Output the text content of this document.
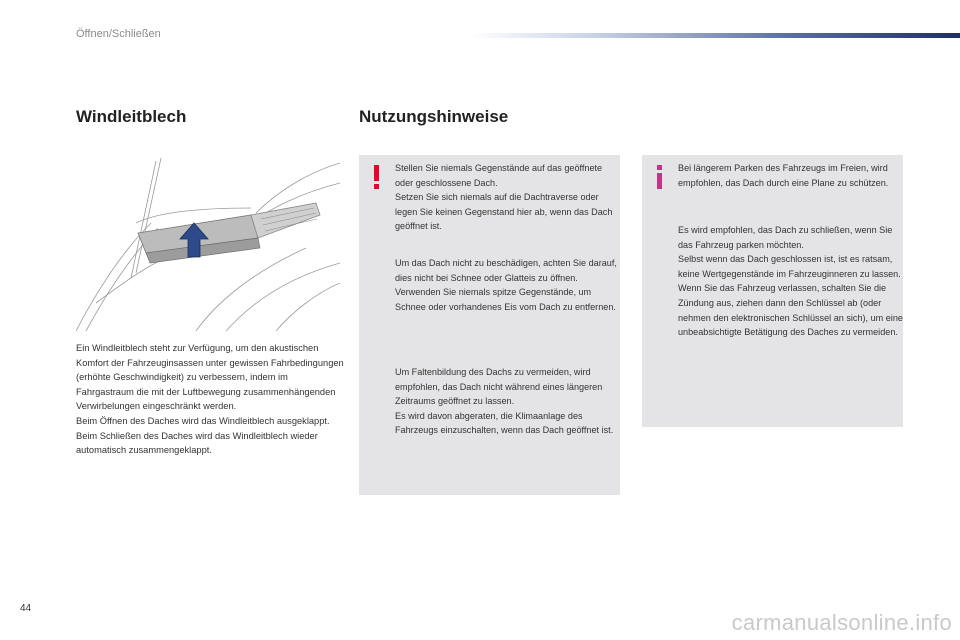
Öffnen/Schließen
Windleitblech	Nutzungshinweise
Ein Windleitblech steht zur Verfügung, um den akustischen Komfort der Fahrzeuginsassen unter gewissen Fahrbedingungen (erhöhte Geschwindigkeit) zu verbessern, indem im Fahrgastraum die mit der Luftbewegung zusammenhängenden Verwirbelungen eingeschränkt werden.
Beim Öffnen des Daches wird das Windleitblech ausgeklappt.
Beim Schließen des Daches wird das Windleitblech wieder automatisch zusammengeklappt.
Stellen Sie niemals Gegenstände auf das geöffnete oder geschlossene Dach.
Setzen Sie sich niemals auf die Dachtraverse oder legen Sie keinen Gegenstand hier ab, wenn das Dach geöffnet ist.
Um das Dach nicht zu beschädigen, achten Sie darauf, dies nicht bei Schnee oder Glatteis zu öffnen.
Verwenden Sie niemals spitze Gegenstände, um Schnee oder vorhandenes Eis vom Dach zu entfernen.
Um Faltenbildung des Dachs zu vermeiden, wird empfohlen, das Dach nicht während eines längeren Zeitraums geöffnet zu lassen.
Es wird davon abgeraten, die Klimaanlage des Fahrzeugs einzuschalten, wenn das Dach geöffnet ist.
Bei längerem Parken des Fahrzeugs im Freien, wird empfohlen, das Dach durch eine Plane zu schützen.
Es wird empfohlen, das Dach zu schließen, wenn Sie das Fahrzeug parken möchten.
Selbst wenn das Dach geschlossen ist, ist es ratsam, keine Wertgegenstände im Fahrzeuginneren zu lassen.
Wenn Sie das Fahrzeug verlassen, schalten Sie die Zündung aus, ziehen dann den Schlüssel ab (oder nehmen den elektronischen Schlüssel an sich), um eine unbeabsichtigte Betätigung des Daches zu vermeiden.
44
carmanualsonline.info
